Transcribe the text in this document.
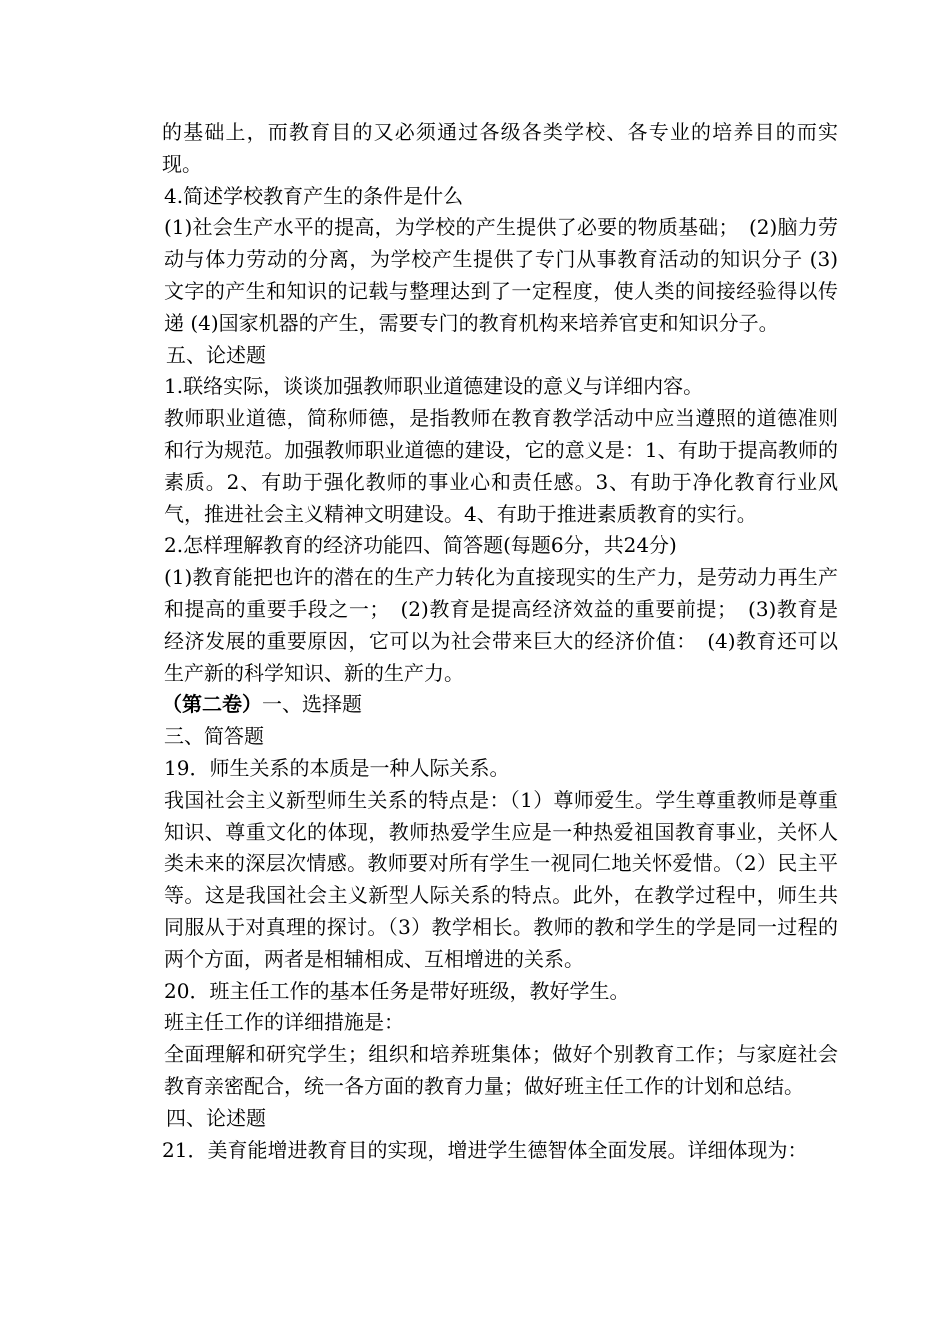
的基础上，而教育目的又必须通过各级各类学校、各专业的培养目的而实现。

4.简述学校教育产生的条件是什么

(1)社会生产水平的提高，为学校的产生提供了必要的物质基础；　(2)脑力劳动与体力劳动的分离，为学校产生提供了专门从事教育活动的知识分子 (3)文字的产生和知识的记载与整理达到了一定程度，使人类的间接经验得以传递 (4)国家机器的产生，需要专门的教育机构来培养官吏和知识分子。

五、论述题

1.联络实际，谈谈加强教师职业道德建设的意义与详细内容。

教师职业道德，简称师德，是指教师在教育教学活动中应当遵照的道德准则和行为规范。加强教师职业道德的建设，它的意义是：1、有助于提高教师的素质。2、有助于强化教师的事业心和责任感。3、有助于净化教育行业风气，推进社会主义精神文明建设。4、有助于推进素质教育的实行。

2.怎样理解教育的经济功能四、简答题(每题6分，共24分)

(1)教育能把也许的潜在的生产力转化为直接现实的生产力，是劳动力再生产和提高的重要手段之一；　(2)教育是提高经济效益的重要前提；　(3)教育是经济发展的重要原因，它可以为社会带来巨大的经济价值：　(4)教育还可以生产新的科学知识、新的生产力。

（第二卷）一、选择题

三、简答题

19．师生关系的本质是一种人际关系。

我国社会主义新型师生关系的特点是：（1）尊师爱生。学生尊重教师是尊重知识、尊重文化的体现，教师热爱学生应是一种热爱祖国教育事业，关怀人类未来的深层次情感。教师要对所有学生一视同仁地关怀爱惜。（2）民主平等。这是我国社会主义新型人际关系的特点。此外，在教学过程中，师生共同服从于对真理的探讨。（3）教学相长。教师的教和学生的学是同一过程的两个方面，两者是相辅相成、互相增进的关系。

20．班主任工作的基本任务是带好班级，教好学生。

班主任工作的详细措施是：

全面理解和研究学生；组织和培养班集体；做好个别教育工作；与家庭社会教育亲密配合，统一各方面的教育力量；做好班主任工作的计划和总结。

四、论述题

21．美育能增进教育目的实现，增进学生德智体全面发展。详细体现为：
